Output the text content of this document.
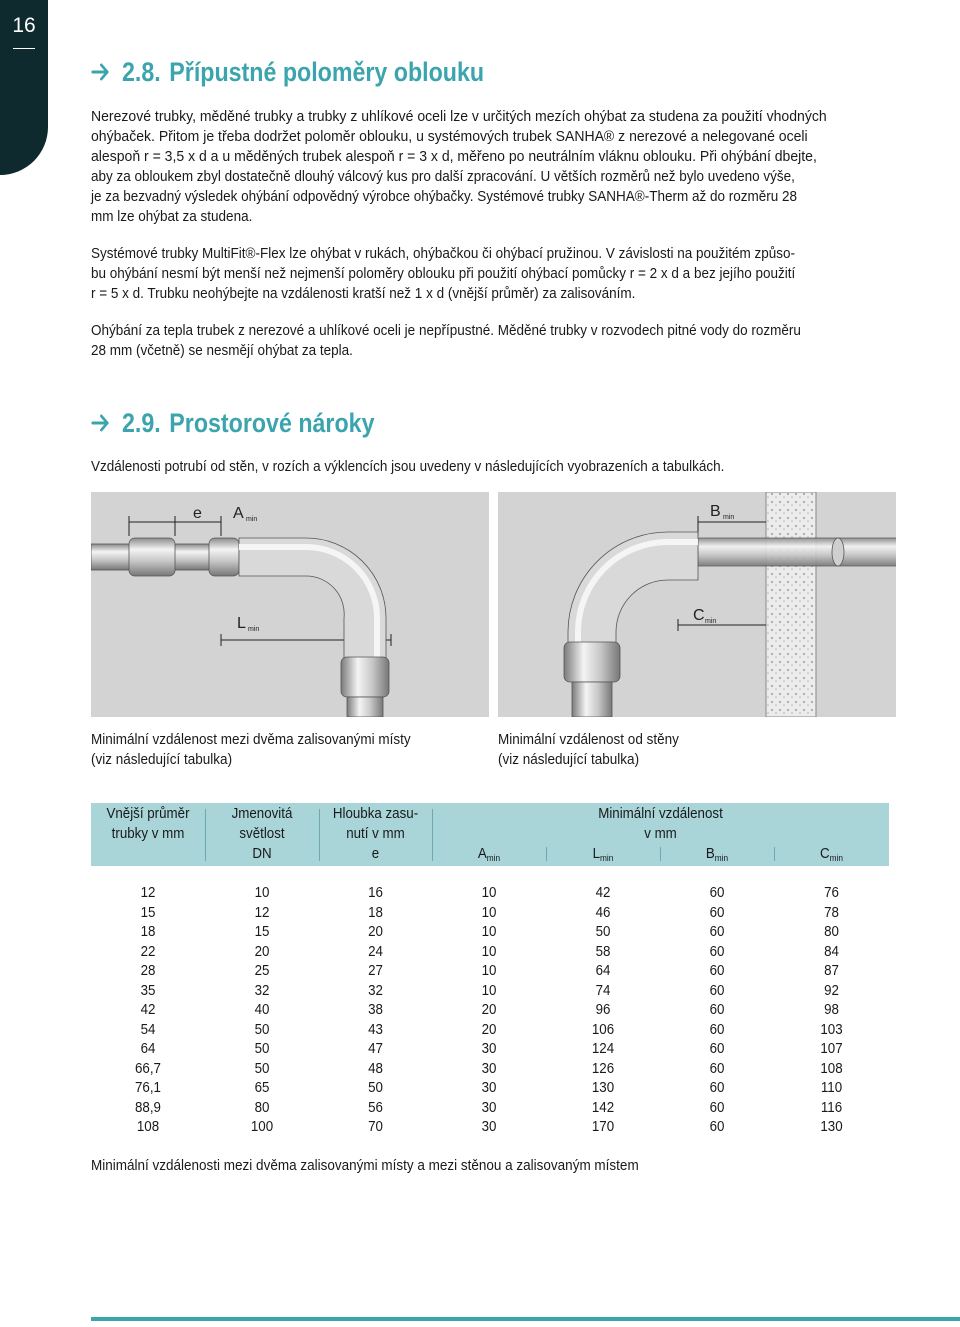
16
2.8. Přípustné poloměry oblouku
Nerezové trubky, měděné trubky a trubky z uhlíkové oceli lze v určitých mezích ohýbat za studena za použití vhodných
ohýbaček. Přitom je třeba dodržet poloměr oblouku, u systémových trubek SANHA® z nerezové a nelegované oceli
alespoň r = 3,5 x d a u měděných trubek alespoň r = 3 x d, měřeno po neutrálním vláknu oblouku. Při ohýbání dbejte,
aby za obloukem zbyl dostatečně dlouhý válcový kus pro další zpracování. U větších rozměrů než bylo uvedeno výše,
je za bezvadný výsledek ohýbání odpovědný výrobce ohýbačky. Systémové trubky SANHA®-Therm až do rozměru 28
mm lze ohýbat za studena.
Systémové trubky MultiFit®-Flex lze ohýbat v rukách, ohýbačkou či ohýbací pružinou. V závislosti na použitém způso-
bu ohýbání nesmí být menší než nejmenší poloměry oblouku při použití ohýbací pomůcky r = 2 x d a bez jejího použití
r = 5 x d. Trubku neohýbejte na vzdálenosti kratší než 1 x d (vnější průměr) za zalisováním.
Ohýbání za tepla trubek z nerezové a uhlíkové oceli je nepřípustné. Měděné trubky v rozvodech pitné vody do rozměru
28 mm (včetně) se nesmějí ohýbat za tepla.
2.9. Prostorové nároky
Vzdálenosti potrubí od stěn, v rozích a výklencích jsou uvedeny v následujících vyobrazeních a tabulkách.
e A min
L min
B min
C min
Minimální vzdálenost mezi dvěma zalisovanými místy
(viz následující tabulka)
Minimální vzdálenost od stěny
(viz následující tabulka)
Vnější průměr
trubky v mm
Jmenovitá
světlost
DN
Hloubka zasu-
nutí v mm
e
Minimální vzdálenost
v mm
$A_{min}$	$L_{min}$	$B_{min}$	$C_{min}$
12	10	16	10	42	60	76
15	12	18	10	46	60	78
18	15	20	10	50	60	80
22	20	24	10	58	60	84
28	25	27	10	64	60	87
35	32	32	10	74	60	92
42	40	38	20	96	60	98
54	50	43	20	106	60	103
64	50	47	30	124	60	107
66,7	50	48	30	126	60	108
76,1	65	50	30	130	60	110
88,9	80	56	30	142	60	116
108	100	70	30	170	60	130
Minimální vzdálenosti mezi dvěma zalisovanými místy a mezi stěnou a zalisovaným místem
